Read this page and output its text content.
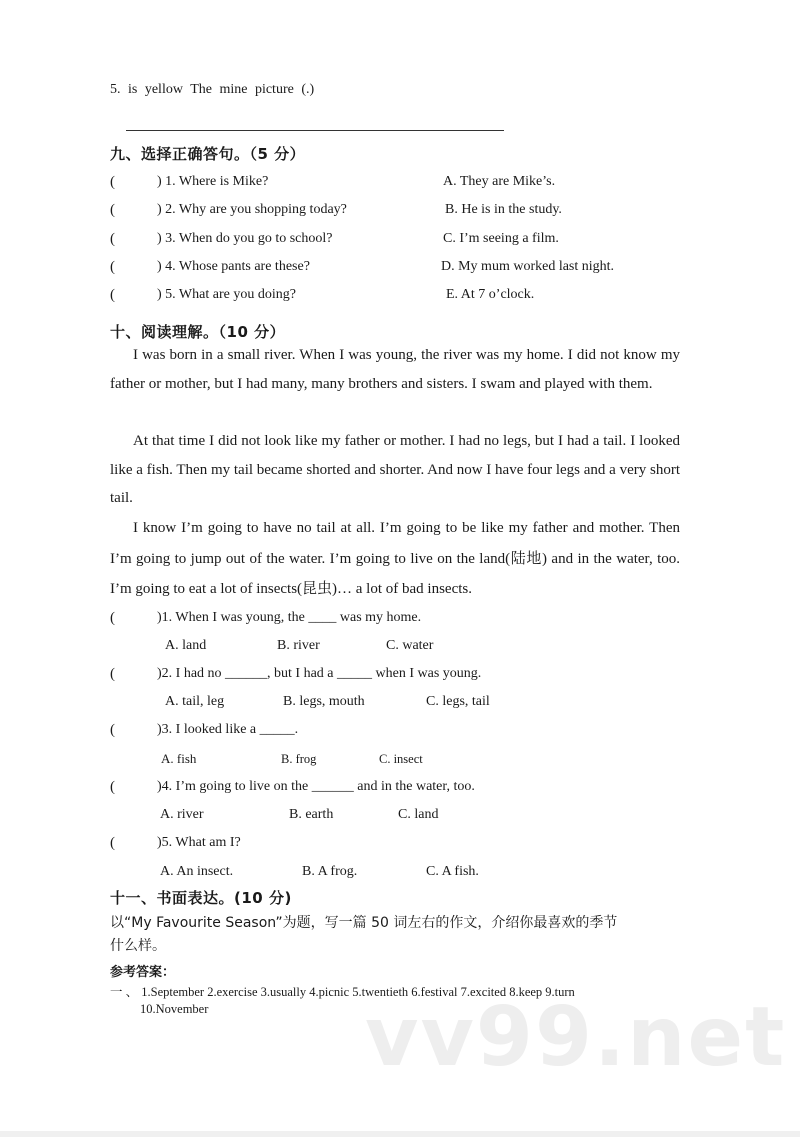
5. is yellow The mine picture (.)
九、选择正确答句。（5 分）
(	) 1. Where is Mike?	A. They are Mike’s.
(	) 2. Why are you shopping today?	B. He is in the study.
(	) 3. When do you go to school?	C. I’m seeing a film.
(	) 4. Whose pants are these?	D. My mum worked last night.
(	) 5. What are you doing?	E. At 7 o’clock.
十、阅读理解。（10 分）
I was born in a small river. When I was young, the river was my home. I did not know my father or mother, but I had many, many brothers and sisters. I swam and played with them.
At that time I did not look like my father or mother. I had no legs, but I had a tail. I looked like a fish. Then my tail became shorted and shorter. And now I have four legs and a very short tail.
I know I’m going to have no tail at all. I’m going to be like my father and mother. Then I’m going to jump out of the water. I’m going to live on the land(陆地) and in the water, too. I’m going to eat a lot of insects(昆虫)… a lot of bad insects.
(	)1. When I was young, the ____ was my home.
A. land	B. river	C. water
(	)2. I had no ______, but I had a _____ when I was young.
A. tail, leg	B. legs, mouth	C. legs, tail
(	)3. I looked like a _____.
A. fish	B. frog	C. insect
(	)4. I’m going to live on the ______ and in the water, too.
A. river	B. earth	C. land
(	)5. What am I?
A. An insect.	B. A frog.	C. A fish.
十一、书面表达。(10 分)
以“My Favourite Season”为题，写一篇 50 词左右的作文，介绍你最喜欢的季节
什么样。
参考答案：
一 、 1.September 2.exercise 3.usually 4.picnic 5.twentieth 6.festival 7.excited 8.keep 9.turn
10.November vv99.net
